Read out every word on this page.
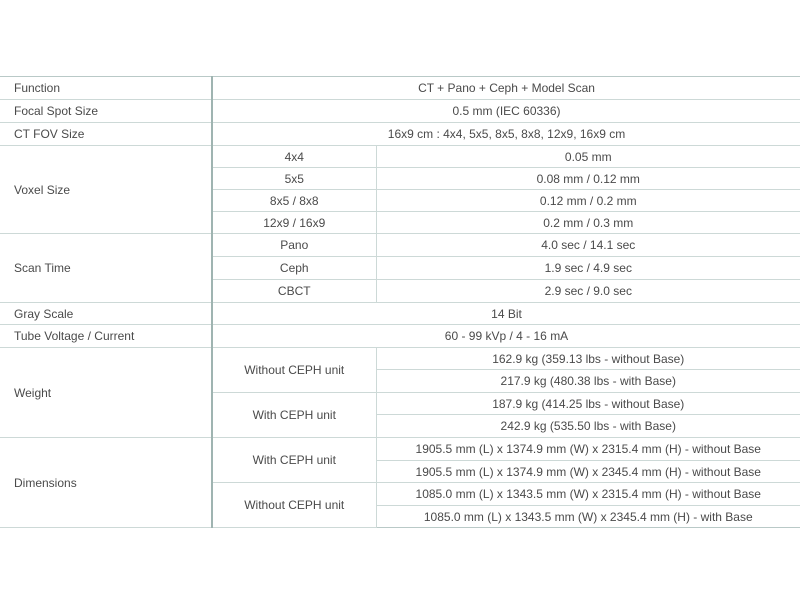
Function	CT + Pano + Ceph + Model Scan	
Focal Spot Size	0.5 mm (IEC 60336)	
CT FOV Size	16x9 cm : 4x4, 5x5, 8x5, 8x8, 12x9, 16x9 cm	
Voxel Size	4x4	0.05 mm
	5x5	0.08 mm / 0.12 mm
	8x5 / 8x8	0.12 mm / 0.2 mm
	12x9 / 16x9	0.2 mm / 0.3 mm
Scan Time	Pano	4.0 sec / 14.1 sec
	Ceph	1.9 sec / 4.9 sec
	CBCT	2.9 sec / 9.0 sec
Gray Scale	14 Bit	
Tube Voltage / Current	60 - 99 kVp / 4 - 16 mA	
Weight	Without CEPH unit	162.9 kg (359.13 lbs - without Base)
		217.9 kg (480.38 lbs - with Base)
	With CEPH unit	187.9 kg (414.25 lbs - without Base)
		242.9 kg (535.50 lbs - with Base)
Dimensions	With CEPH unit	1905.5 mm (L) x 1374.9 mm (W) x 2315.4 mm (H) - without Base
		1905.5 mm (L) x 1374.9 mm (W) x 2345.4 mm (H) - without Base
	Without CEPH unit	1085.0 mm (L) x 1343.5 mm (W) x 2315.4 mm (H) - without Base
		1085.0 mm (L) x 1343.5 mm (W) x 2345.4 mm (H) - with Base
